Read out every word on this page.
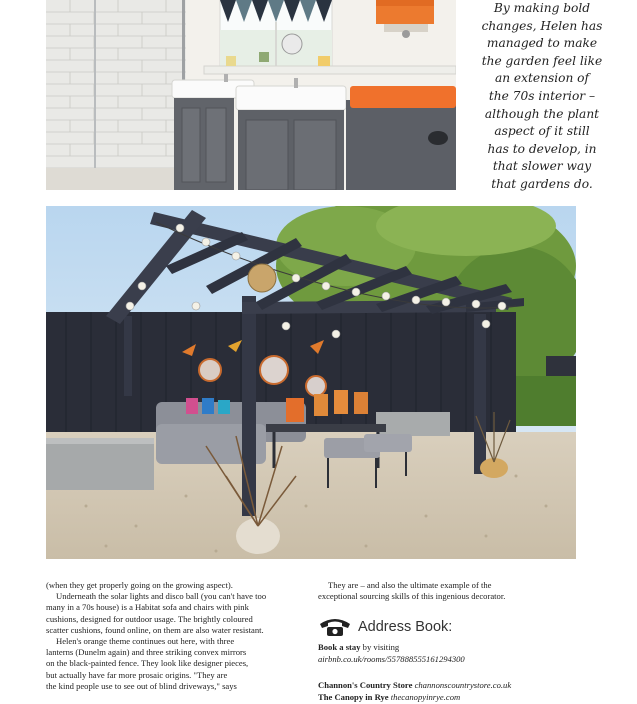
By making bold
changes, Helen has
managed to make
the garden feel like
an extension of
the 70s interior –
although the plant
aspect of it still
has to develop, in
that slower way
that gardens do.

(when they get properly going on the growing aspect).

Underneath the solar lights and disco ball (you can't have too

many in a 70s house) is a Habitat sofa and chairs with pink

cushions, designed for outdoor usage. The brightly coloured

scatter cushions, found online, on them are also water resistant.

Helen's orange theme continues out here, with three

lanterns (Dunelm again) and three striking convex mirrors

on the black-painted fence. They look like designer pieces,

but actually have far more prosaic origins. "They are

the kind people use to see out of blind driveways," says

They are – and also the ultimate example of the

exceptional sourcing skills of this ingenious decorator.

Address Book:
Book a stay by visiting
airbnb.co.uk/rooms/557888555161294300
Channon's Country Store channonscountrystore.co.uk
The Canopy in Rye thecanopyinrye.com
